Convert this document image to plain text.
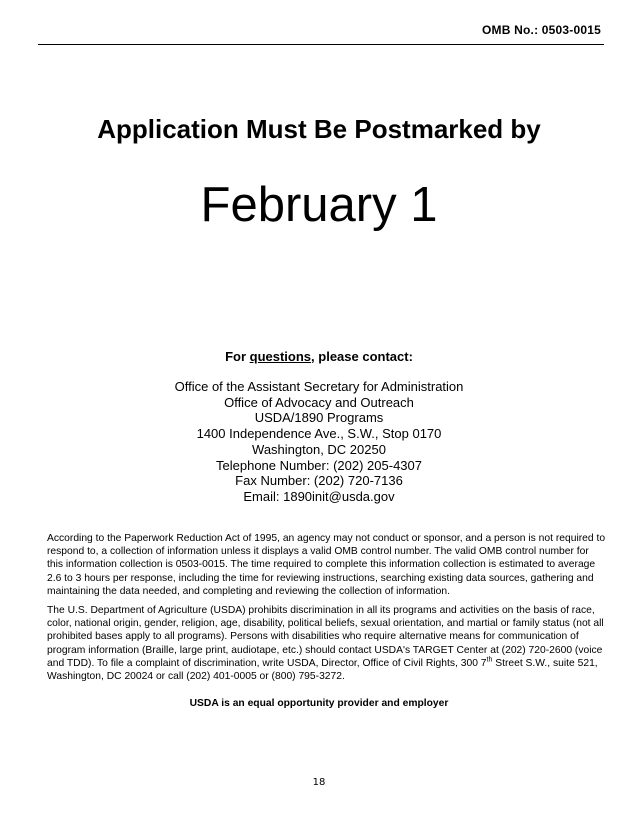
OMB No.: 0503-0015
Application Must Be Postmarked by
February 1
For questions, please contact:
Office of the Assistant Secretary for Administration
Office of Advocacy and Outreach
USDA/1890 Programs
1400 Independence Ave., S.W., Stop 0170
Washington, DC 20250
Telephone Number: (202) 205-4307
Fax Number: (202) 720-7136
Email: 1890init@usda.gov
According to the Paperwork Reduction Act of 1995, an agency may not conduct or sponsor, and a person is not required to respond to, a collection of information unless it displays a valid OMB control number. The valid OMB control number for this information collection is 0503-0015. The time required to complete this information collection is estimated to average 2.6 to 3 hours per response, including the time for reviewing instructions, searching existing data sources, gathering and maintaining the data needed, and completing and reviewing the collection of information.
The U.S. Department of Agriculture (USDA) prohibits discrimination in all its programs and activities on the basis of race, color, national origin, gender, religion, age, disability, political beliefs, sexual orientation, and martial or family status (not all prohibited bases apply to all programs). Persons with disabilities who require alternative means for communication of program information (Braille, large print, audiotape, etc.) should contact USDA's TARGET Center at (202) 720-2600 (voice and TDD). To file a complaint of discrimination, write USDA, Director, Office of Civil Rights, 300 7th Street S.W., suite 521, Washington, DC 20024 or call (202) 401-0005 or (800) 795-3272.
USDA is an equal opportunity provider and employer
18
